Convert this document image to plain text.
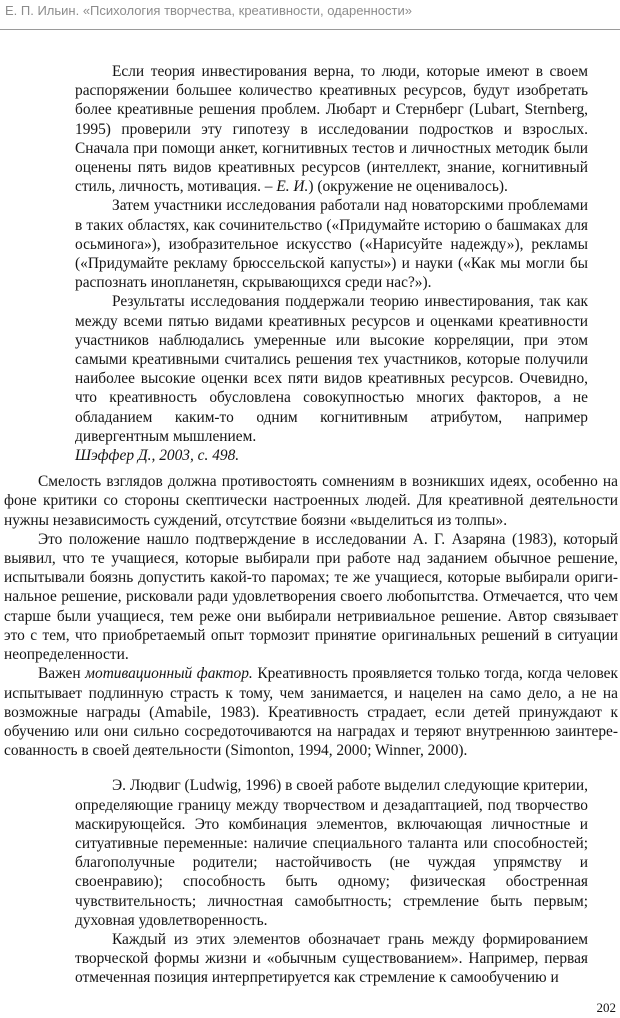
Е. П. Ильин. «Психология творчества, креативности, одаренности»

Если теория инвестирования верна, то люди, которые имеют в своем распоряжении большее количество креативных ресурсов, будут изобретать более креативные решения проблем. Любарт и Стернберг (Lubart, Sternberg, 1995) проверили эту гипотезу в исследовании подростков и взрослых. Сначала при помощи анкет, когнитивных тестов и личностных методик были оценены пять видов креативных ресурсов (интеллект, знание, когнитивный стиль, личность, мотивация. – Е. И.) (окружение не оценивалось).

Затем участники исследования работали над новаторскими проблемами в таких областях, как сочинительство («Придумайте историю о башмаках для осьминога»), изобразительное искусство («Нарисуйте надежду»), рекламы («Придумайте рекламу брюссельской капусты») и науки («Как мы могли бы распознать инопланетян, скрывающихся среди нас?»).

Результаты исследования поддержали теорию инвестирования, так как между всеми пятью видами креативных ресурсов и оценками креативности участников наблюдались умеренные или высокие корреляции, при этом самыми креативными считались решения тех участников, которые получили наиболее высокие оценки всех пяти видов креативных ресурсов. Очевидно, что креативность обусловлена совокупностью многих факторов, а не обладанием каким-то одним когнитивным атрибутом, например дивергентным мышлением.

Шэффер Д., 2003, с. 498.

Смелость взглядов должна противостоять сомнениям в возникших идеях, особенно на фоне критики со стороны скептически настроенных людей. Для креативной деятельности нужны независимость суждений, отсутствие боязни «выделиться из толпы».

Это положение нашло подтверждение в исследовании А. Г. Азаряна (1983), который выявил, что те учащиеся, которые выбирали при работе над заданием обычное решение, испытывали боязнь допустить какой-то паромах; те же учащиеся, которые выбирали оригинальное решение, рисковали ради удовлетворения своего любопытства. Отмечается, что чем старше были учащиеся, тем реже они выбирали нетривиальное решение. Автор связывает это с тем, что приобретаемый опыт тормозит принятие оригинальных решений в ситуации неопределенности.

Важен мотивационный фактор. Креативность проявляется только тогда, когда человек испытывает подлинную страсть к тому, чем занимается, и нацелен на само дело, а не на возможные награды (Amabile, 1983). Креативность страдает, если детей принуждают к обучению или они сильно сосредоточиваются на наградах и теряют внутреннюю заинтересованность в своей деятельности (Simonton, 1994, 2000; Winner, 2000).

Э. Людвиг (Ludwig, 1996) в своей работе выделил следующие критерии, определяющие границу между творчеством и дезадаптацией, под творчество маскирующейся. Это комбинация элементов, включающая личностные и ситуативные переменные: наличие специального таланта или способностей; благополучные родители; настойчивость (не чуждая упрямству и своенравию); способность быть одному; физическая обостренная чувствительность; личностная самобытность; стремление быть первым; духовная удовлетворенность.

Каждый из этих элементов обозначает грань между формированием творческой формы жизни и «обычным существованием». Например, первая отмеченная позиция интерпретируется как стремление к самообучению и

202
